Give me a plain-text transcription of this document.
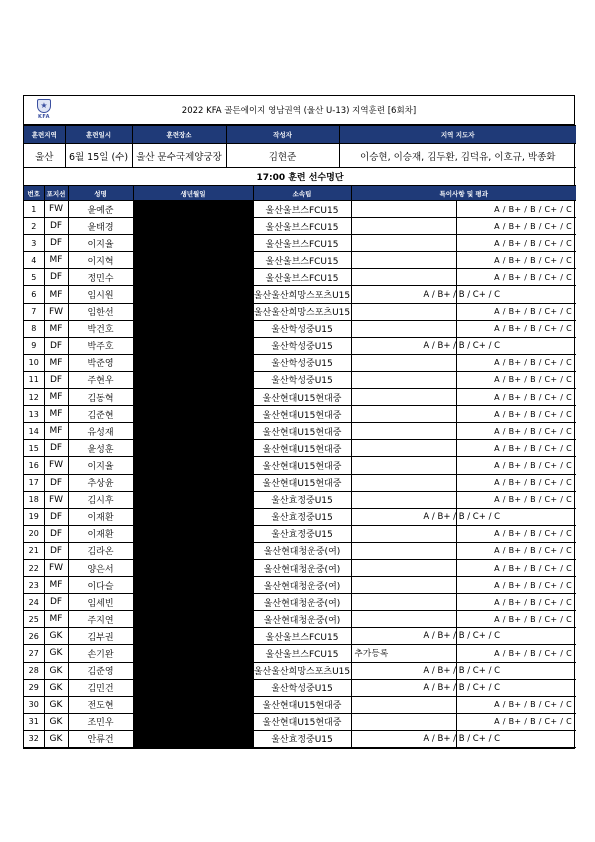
★
KFA
2022 KFA 골든에이지 영남권역 (울산 U-13) 지역훈련 [6회차]
훈련지역	훈련일시	훈련장소	작성자	지역 지도자
울산	6월 15일 (수)	울산 문수국제양궁장	김현준	이승현, 이승재, 김두환, 김덕유, 이호규, 박종화
17:00 훈련 선수명단				
번호	포지션	성명	생년월일	소속팀	특이사항 및 평과
1	FW	윤예준		울산울브스FCU15	A / B+ / B / C+ / C
2	DF	윤태경		울산울브스FCU15	A / B+ / B / C+ / C
3	DF	이지율		울산울브스FCU15	A / B+ / B / C+ / C
4	MF	이지혁		울산울브스FCU15	A / B+ / B / C+ / C
5	DF	정민수		울산울브스FCU15	A / B+ / B / C+ / C
6	MF	임시원		울산울산희망스포츠U15	A / B+ / B / C+ / C
7	FW	임한선		울산울산희망스포츠U15	A / B+ / B / C+ / C
8	MF	박건호		울산학성중U15	A / B+ / B / C+ / C
9	DF	박주호		울산학성중U15	A / B+ / B / C+ / C
10	MF	박준영		울산학성중U15	A / B+ / B / C+ / C
11	DF	주현우		울산학성중U15	A / B+ / B / C+ / C
12	MF	김동혁		울산현대U15현대중	A / B+ / B / C+ / C
13	MF	김준현		울산현대U15현대중	A / B+ / B / C+ / C
14	MF	유성재		울산현대U15현대중	A / B+ / B / C+ / C
15	DF	윤성훈		울산현대U15현대중	A / B+ / B / C+ / C
16	FW	이지율		울산현대U15현대중	A / B+ / B / C+ / C
17	DF	추상윤		울산현대U15현대중	A / B+ / B / C+ / C
18	FW	김시후		울산효정중U15	A / B+ / B / C+ / C
19	DF	이재환		울산효정중U15	A / B+ / B / C+ / C
20	DF	이재환		울산효정중U15	A / B+ / B / C+ / C
21	DF	김라온		울산현대청운중(여)	A / B+ / B / C+ / C
22	FW	양은서		울산현대청운중(여)	A / B+ / B / C+ / C
23	MF	이다슬		울산현대청운중(여)	A / B+ / B / C+ / C
24	DF	임세빈		울산현대청운중(여)	A / B+ / B / C+ / C
25	MF	주지연		울산현대청운중(여)	A / B+ / B / C+ / C
26	GK	김부권		울산울브스FCU15	A / B+ / B / C+ / C
27	GK	손기완		울산울브스FCU15	추가등록 A / B+ / B / C+ / C
28	GK	김준영		울산울산희망스포츠U15	A / B+ / B / C+ / C
29	GK	김민건		울산학성중U15	A / B+ / B / C+ / C
30	GK	전도현		울산현대U15현대중	A / B+ / B / C+ / C
31	GK	조민우		울산현대U15현대중	A / B+ / B / C+ / C
32	GK	안류건		울산효정중U15	A / B+ / B / C+ / C
